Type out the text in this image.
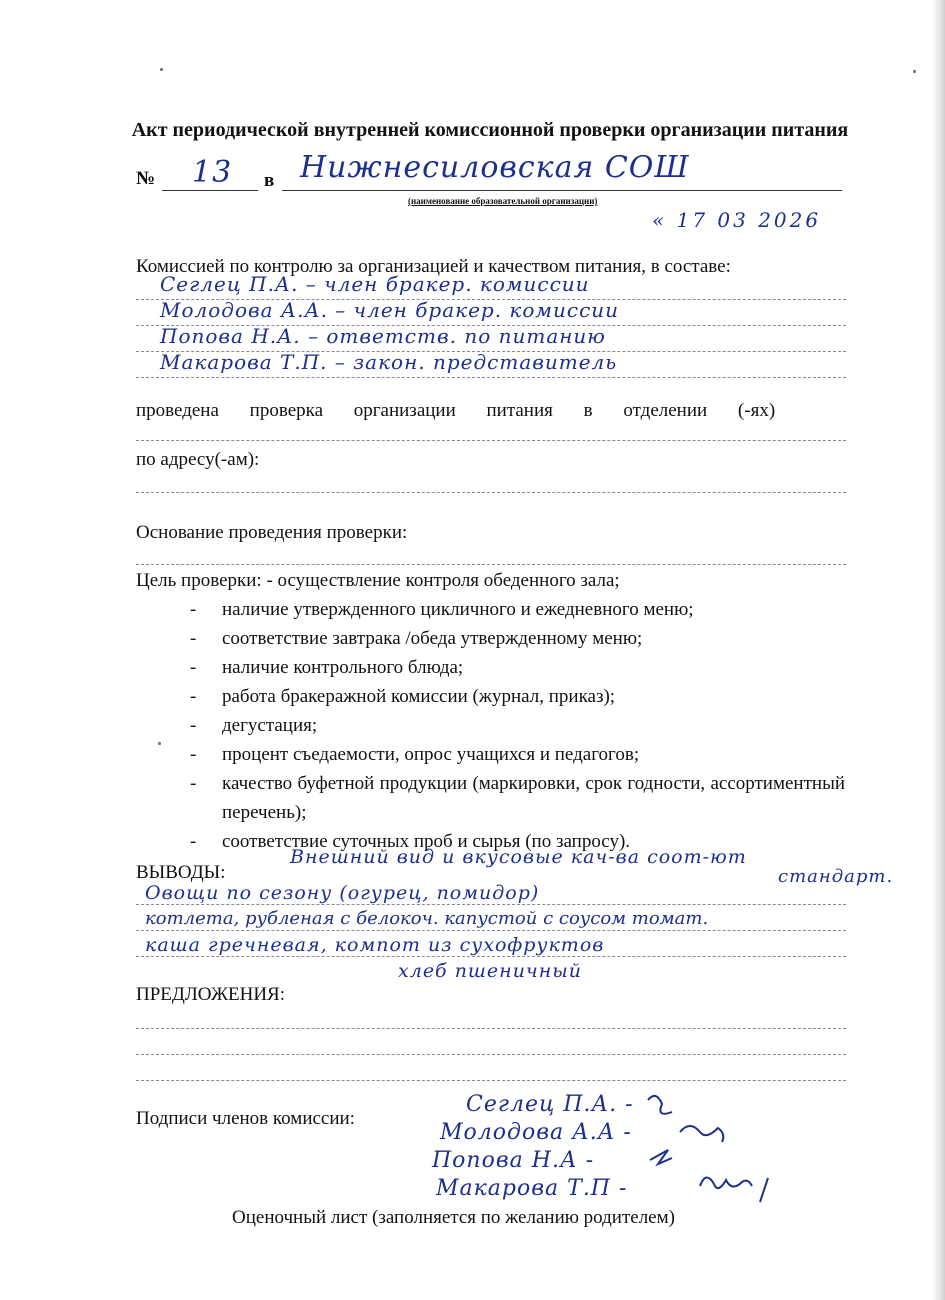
Акт периодической внутренней комиссионной проверки организации питания
№ 13 в Нижнесиловская СОШ
(наименование образовательной организации)
« 17 03 2026
Комиссией по контролю за организацией и качеством питания, в составе:
Сеглец П.А. – член бракер. комиссии
Молодова А.А. – член бракер. комиссии
Попова Н.А. – ответств. по питанию
Макарова Т.П. – закон. представитель
проведена проверка организации питания в отделении (-ях)
по адресу(-ам):
Основание проведения проверки:
Цель проверки: - осуществление контроля обеденного зала;
-	наличие утвержденного цикличного и ежедневного меню;
-	соответствие завтрака /обеда утвержденному меню;
-	наличие контрольного блюда;
-	работа бракеражной комиссии (журнал, приказ);
-	дегустация;
-	процент съедаемости, опрос учащихся и педагогов;
-	качество буфетной продукции (маркировки, срок годности, ассортиментный перечень);
-	соответствие суточных проб и сырья (по запросу).
ВЫВОДЫ:
Внешний вид и вкусовые кач-ва соот-ют
стандарт.
Овощи по сезону (огурец, помидор)
котлета, рубленая с белокоч. капустой с соусом томат.
каша гречневая, компот из сухофруктов
хлеб пшеничный
ПРЕДЛОЖЕНИЯ:
Подписи членов комиссии:
Сеглец П.А. -
Молодова А.А -
Попова Н.А -
Макарова Т.П -
Оценочный лист (заполняется по желанию родителем)
